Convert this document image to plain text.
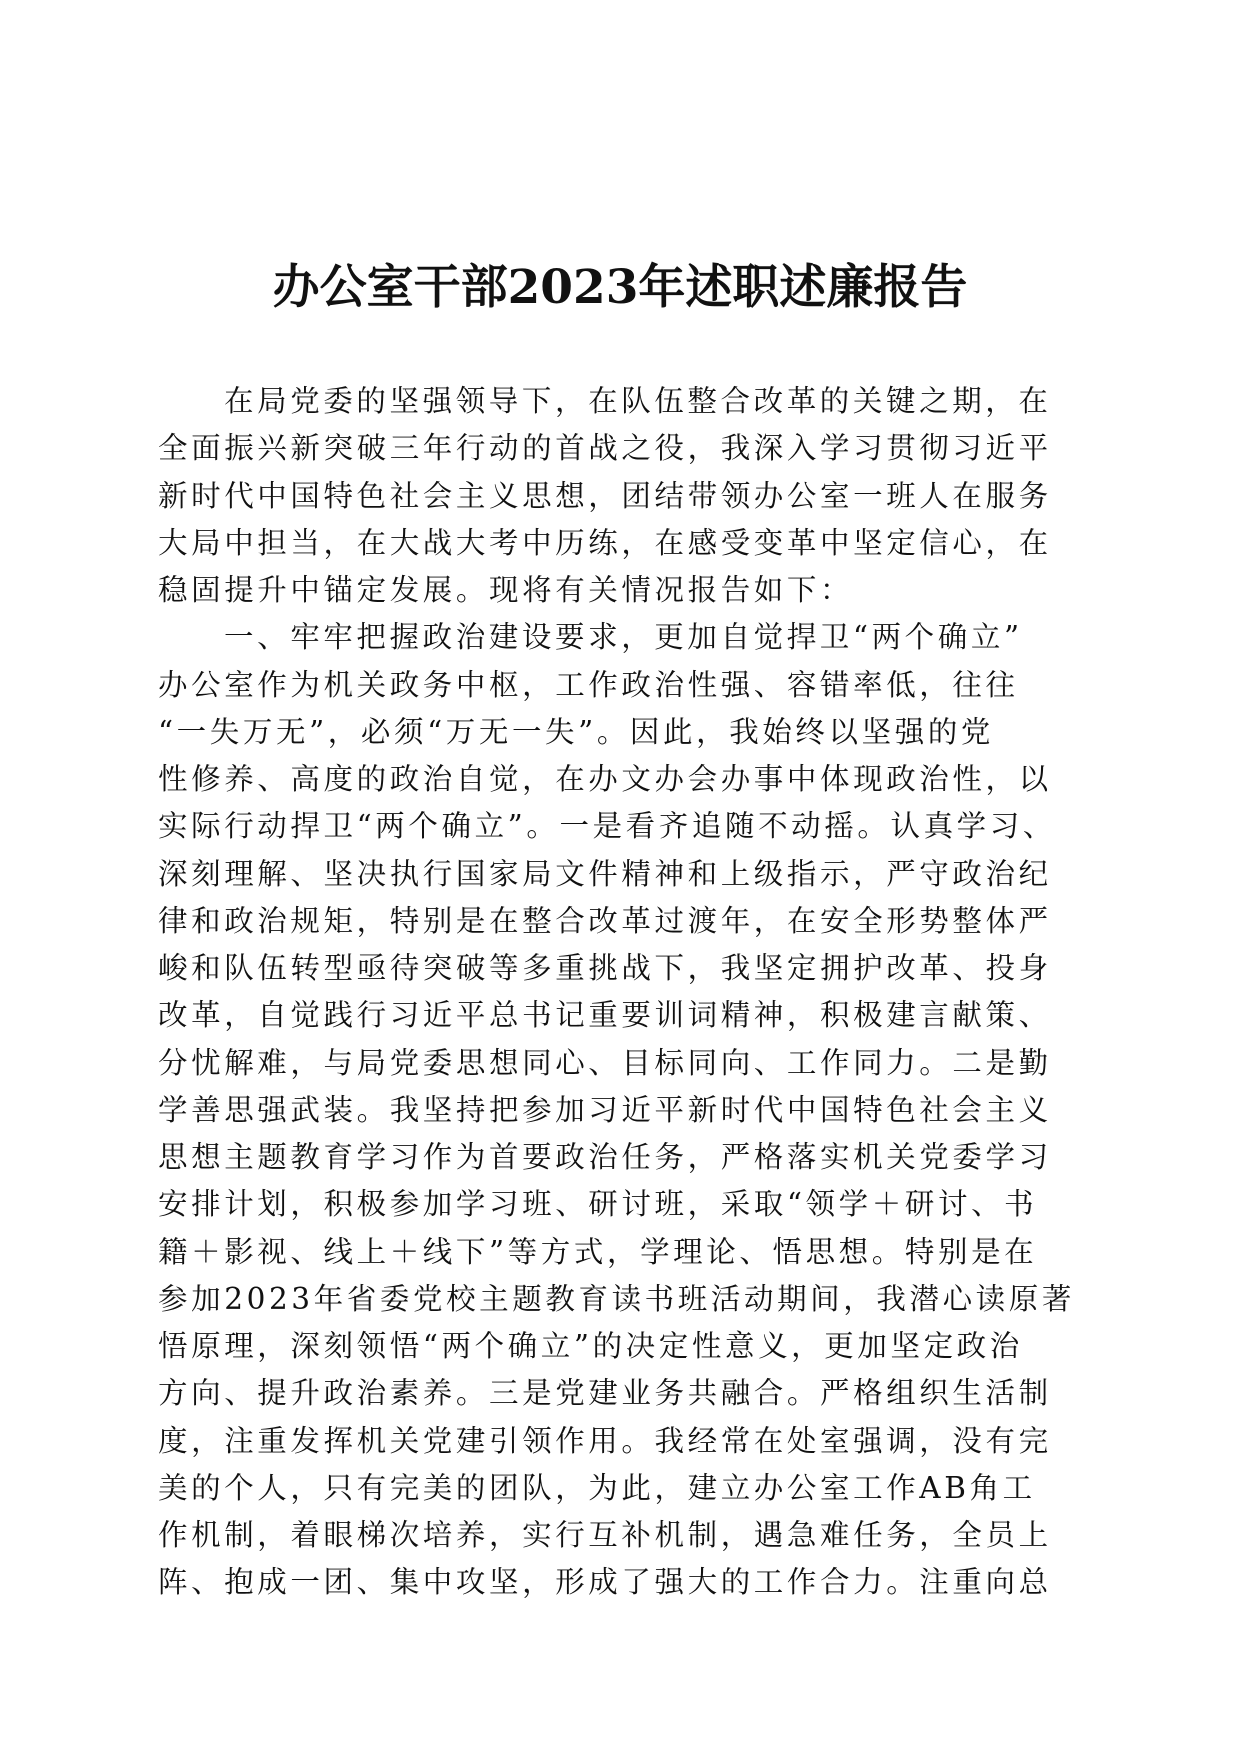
办公室干部2023年述职述廉报告
在局党委的坚强领导下，在队伍整合改革的关键之期，在
全面振兴新突破三年行动的首战之役，我深入学习贯彻习近平
新时代中国特色社会主义思想，团结带领办公室一班人在服务
大局中担当，在大战大考中历练，在感受变革中坚定信心，在
稳固提升中锚定发展。现将有关情况报告如下：
一、牢牢把握政治建设要求，更加自觉捍卫“两个确立”
办公室作为机关政务中枢，工作政治性强、容错率低，往往
“一失万无”，必须“万无一失”。因此，我始终以坚强的党
性修养、高度的政治自觉，在办文办会办事中体现政治性，以
实际行动捍卫“两个确立”。一是看齐追随不动摇。认真学习、
深刻理解、坚决执行国家局文件精神和上级指示，严守政治纪
律和政治规矩，特别是在整合改革过渡年，在安全形势整体严
峻和队伍转型亟待突破等多重挑战下，我坚定拥护改革、投身
改革，自觉践行习近平总书记重要训词精神，积极建言献策、
分忧解难，与局党委思想同心、目标同向、工作同力。二是勤
学善思强武装。我坚持把参加习近平新时代中国特色社会主义
思想主题教育学习作为首要政治任务，严格落实机关党委学习
安排计划，积极参加学习班、研讨班，采取“领学＋研讨、书
籍＋影视、线上＋线下”等方式，学理论、悟思想。特别是在
参加2023年省委党校主题教育读书班活动期间，我潜心读原著
悟原理，深刻领悟“两个确立”的决定性意义，更加坚定政治
方向、提升政治素养。三是党建业务共融合。严格组织生活制
度，注重发挥机关党建引领作用。我经常在处室强调，没有完
美的个人，只有完美的团队，为此，建立办公室工作AB角工
作机制，着眼梯次培养，实行互补机制，遇急难任务，全员上
阵、抱成一团、集中攻坚，形成了强大的工作合力。注重向总
